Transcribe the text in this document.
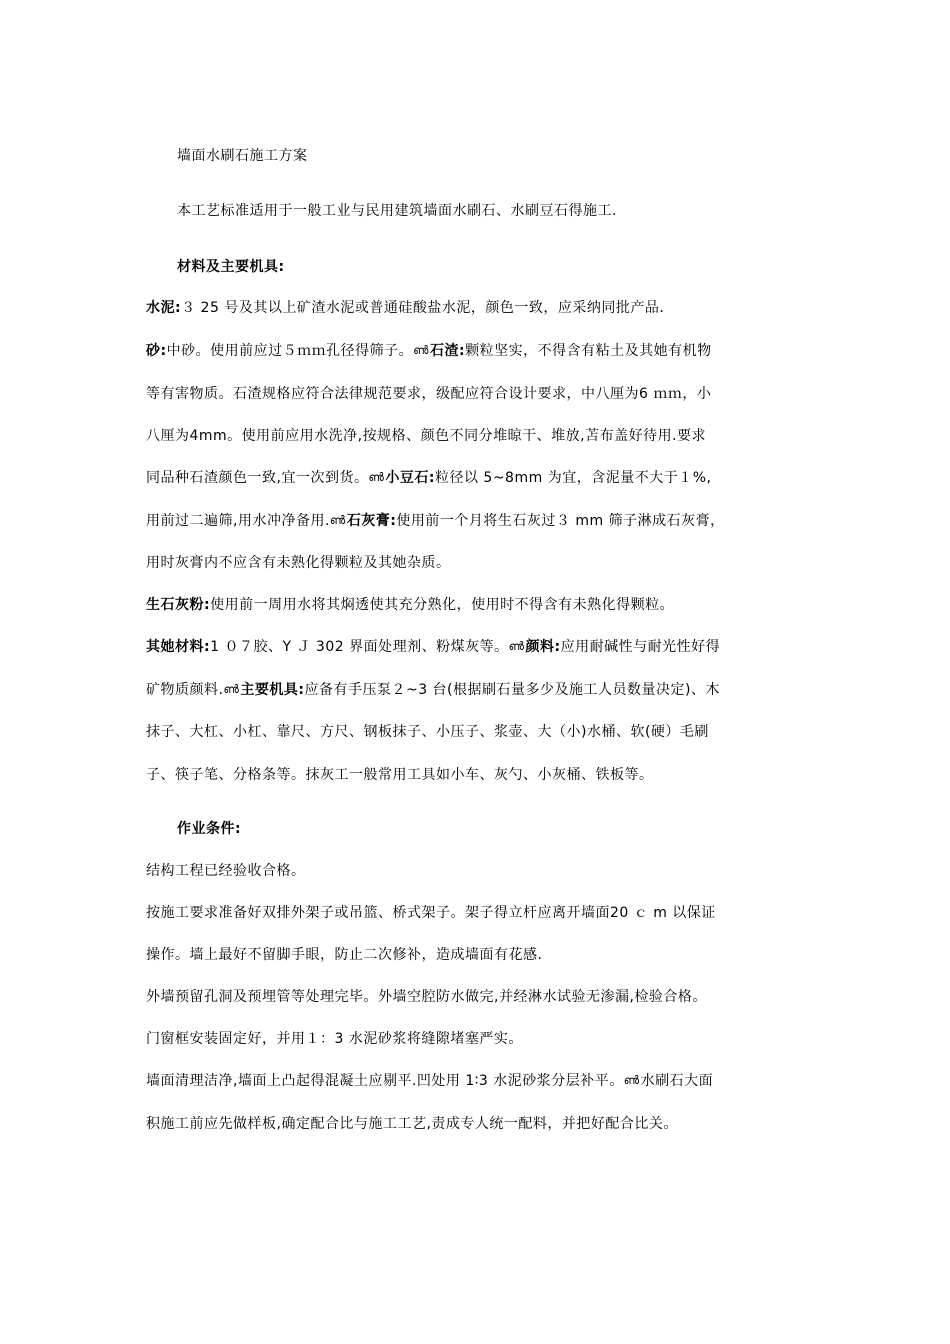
墙面水刷石施工方案
本工艺标准适用于一般工业与民用建筑墙面水刷石、水刷豆石得施工.
材料及主要机具:
水泥:３ 25 号及其以上矿渣水泥或普通硅酸盐水泥，颜色一致，应采纳同批产品.
砂:中砂。使用前应过５ｍｍ孔径得筛子。ൺ石渣:颗粒坚实，不得含有粘土及其她有机物
等有害物质。石渣规格应符合法律规范要求，级配应符合设计要求，中八厘为6 ｍｍ，小
八厘为4mm。使用前应用水洗净,按规格、颜色不同分堆晾干、堆放,苫布盖好待用.要求
同品种石渣颜色一致,宜一次到货。ൺ小豆石:粒径以 5~8mm 为宜，含泥量不大于１%,
用前过二遍筛,用水冲净备用.ൺ石灰膏:使用前一个月将生石灰过３ mm 筛子淋成石灰膏，
用时灰膏内不应含有未熟化得颗粒及其她杂质。
生石灰粉:使用前一周用水将其焖透使其充分熟化，使用时不得含有未熟化得颗粒。
其她材料:1 ０７胶、Y Ｊ 302 界面处理剂、粉煤灰等。ൺ颜料:应用耐碱性与耐光性好得
矿物质颜料.ൺ主要机具:应备有手压泵２~3 台(根据刷石量多少及施工人员数量决定)、木
抹子、大杠、小杠、靠尺、方尺、钢板抹子、小压子、浆壶、大（小)水桶、软(硬）毛刷
子、筷子笔、分格条等。抹灰工一般常用工具如小车、灰勺、小灰桶、铁板等。
作业条件:
结构工程已经验收合格。
按施工要求准备好双排外架子或吊篮、桥式架子。架子得立杆应离开墙面20 ｃ m 以保证
操作。墙上最好不留脚手眼，防止二次修补，造成墙面有花感.
外墙预留孔洞及预埋管等处理完毕。外墙空腔防水做完,并经淋水试验无渗漏,检验合格。
门窗框安装固定好，并用１：3 水泥砂浆将缝隙堵塞严实。
墙面清理洁净,墙面上凸起得混凝土应剔平.凹处用 1∶3 水泥砂浆分层补平。ൺ水刷石大面
积施工前应先做样板,确定配合比与施工工艺,责成专人统一配料，并把好配合比关。
